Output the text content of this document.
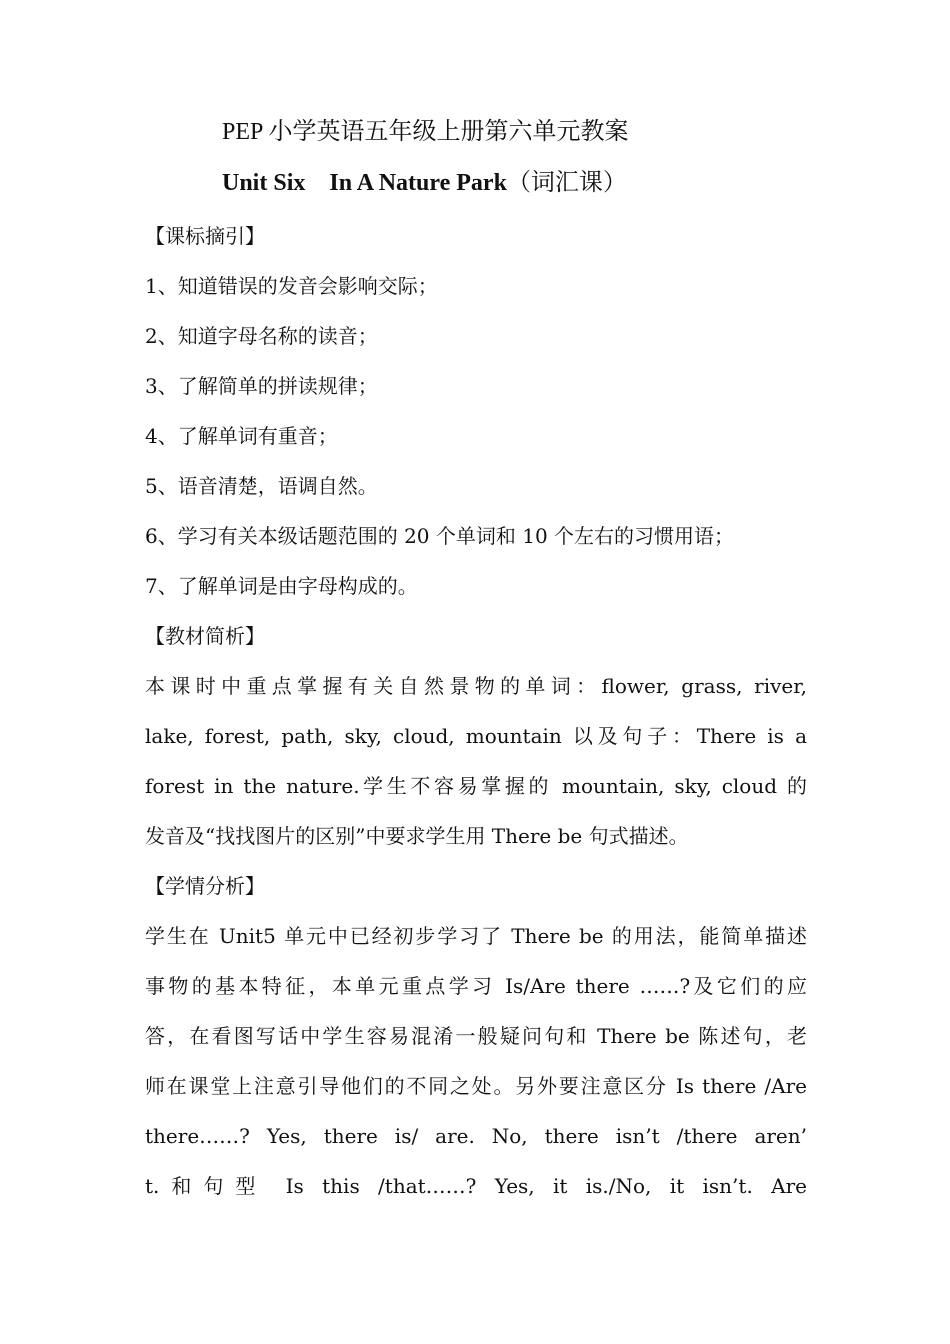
PEP 小学英语五年级上册第六单元教案
Unit Six    In A Nature Park（词汇课）
【课标摘引】
1、知道错误的发音会影响交际；
2、知道字母名称的读音；
3、了解简单的拼读规律；
4、了解单词有重音；
5、语音清楚，语调自然。
6、学习有关本级话题范围的 20 个单词和 10 个左右的习惯用语；
7、了解单词是由字母构成的。
【教材简析】
本课时中重点掌握有关自然景物的单词：flower, grass, river,
lake, forest, path, sky, cloud, mountain 以及句子：There is a
forest in the nature.学生不容易掌握的 mountain, sky, cloud 的
发音及“找找图片的区别”中要求学生用 There be 句式描述。
【学情分析】
学生在 Unit5 单元中已经初步学习了 There be 的用法，能简单描述
事物的基本特征，本单元重点学习 Is/Are there ……?及它们的应
答，在看图写话中学生容易混淆一般疑问句和 There be 陈述句，老
师在课堂上注意引导他们的不同之处。另外要注意区分 Is there /Are
there……? Yes, there is/ are. No, there isn’t /there aren’
t.和句型 Is this /that……? Yes, it is./No, it isn’t. Are
